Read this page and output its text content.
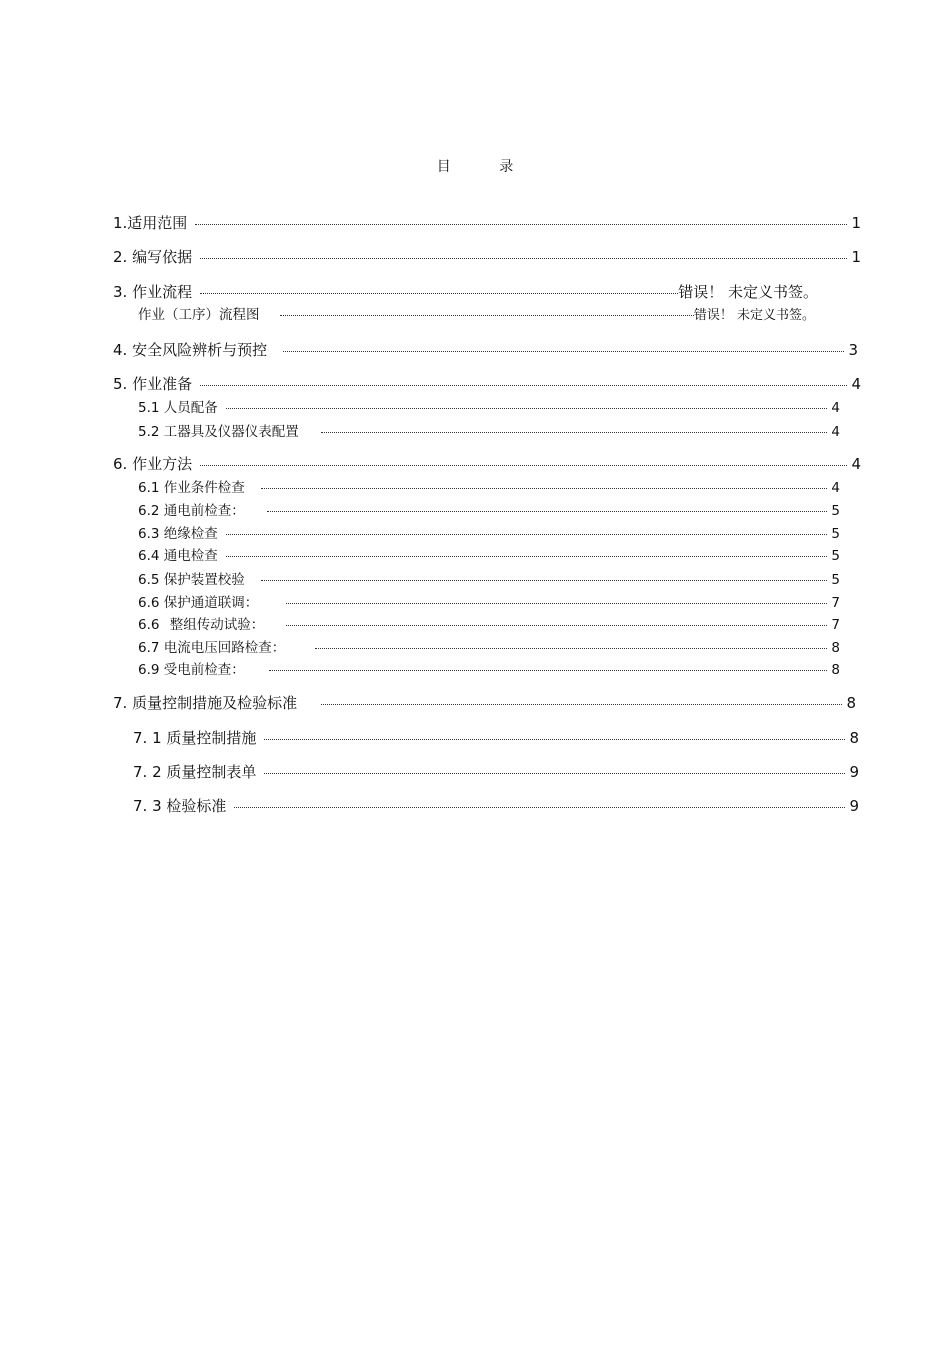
目 录
1.适用范围	1
2. 编写依据	1
3. 作业流程	错误！ 未定义书签。
作业（工序）流程图	错误！ 未定义书签。
4. 安全风险辨析与预控	3
5. 作业准备	4
5.1 人员配备	4
5.2 工器具及仪器仪表配置	4
6. 作业方法	4
6.1 作业条件检查	4
6.2 通电前检查：	5
6.3 绝缘检查	5
6.4 通电检查	5
6.5 保护装置校验	5
6.6 保护通道联调：	7
6.6 整组传动试验：	7
6.7 电流电压回路检查：	8
6.9 受电前检查：	8
7. 质量控制措施及检验标准	8
7. 1 质量控制措施	8
7. 2 质量控制表单	9
7. 3 检验标准	9
